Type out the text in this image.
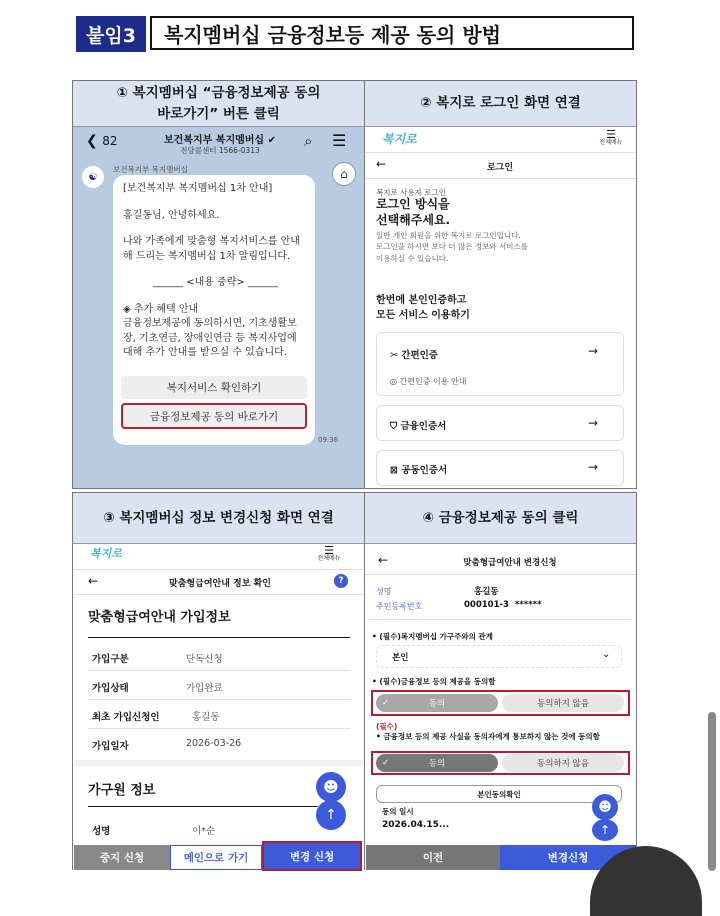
붙임3	복지멤버십 금융정보등 제공 동의 방법
① 복지멤버십 “금융정보제공 동의
바로가기” 버튼 클릭
② 복지로 로그인 화면 연결
③ 복지멤버십 정보 변경신청 화면 연결	④ 금융정보제공 동의 클릭
❮ 82	보건복지부 복지멤버십 ✔
전담콜센터 1566-0313
⌕ ☰
☯
보건복지부 복지멤버십	⌂
[보건복지부 복지멤버십 1차 안내]
홍길동님, 안녕하세요.
나와 가족에게 맞춤형 복지서비스를 안내해 드리는 복지멤버십 1차 알림입니다.
______ <내용 중략> ______
◈ 추가 혜택 안내
금융정보제공에 동의하시면, 기초생활보장, 기초연금, 장애인연금 등 복지사업에 대해 추가 안내를 받으실 수 있습니다.
복지서비스 확인하기
금융정보제공 동의 바로가기
09:36
복지로	☰
전체메뉴
←	로그인
복지로 사용자 로그인
로그인 방식을
선택해주세요.
일반 개인 회원을 위한 복지로 로그인입니다.
로그인을 하시면 보다 더 많은 정보와 서비스를
이용하실 수 있습니다.
한번에 본인인증하고
모든 서비스 이용하기
✂ 간편인증	→
◎ 간편인증 이용 안내
⛉ 금융인증서	→
⊠ 공동인증서	→
복지로	☰
전체메뉴
←	맞춤형급여안내 정보 확인	?
맞춤형급여안내 가입정보
가입구분	단독신청
가입상태	가입완료
최초 가입신청인	홍길동
가입일자	2026-03-26
가구원 정보	☻
↑
성명	이*순
중지 신청	메인으로 가기	변경 신청
←	맞춤형급여안내 변경신청
성명	홍길동
주민등록번호	000101-3  ******
• (필수)복지멤버십 가구주와의 관계
본인	⌄
• (필수)금융정보 등의 제공을 동의함
✓	동의	동의하지 않음
(필수)
• 금융정보 등의 제공 사실을 동의자에게 통보하지 않는 것에 동의함
✓	동의	동의하지 않음
본인동의확인
동의 일시
2026.04.15...
☻
↑
이전	변경신청
